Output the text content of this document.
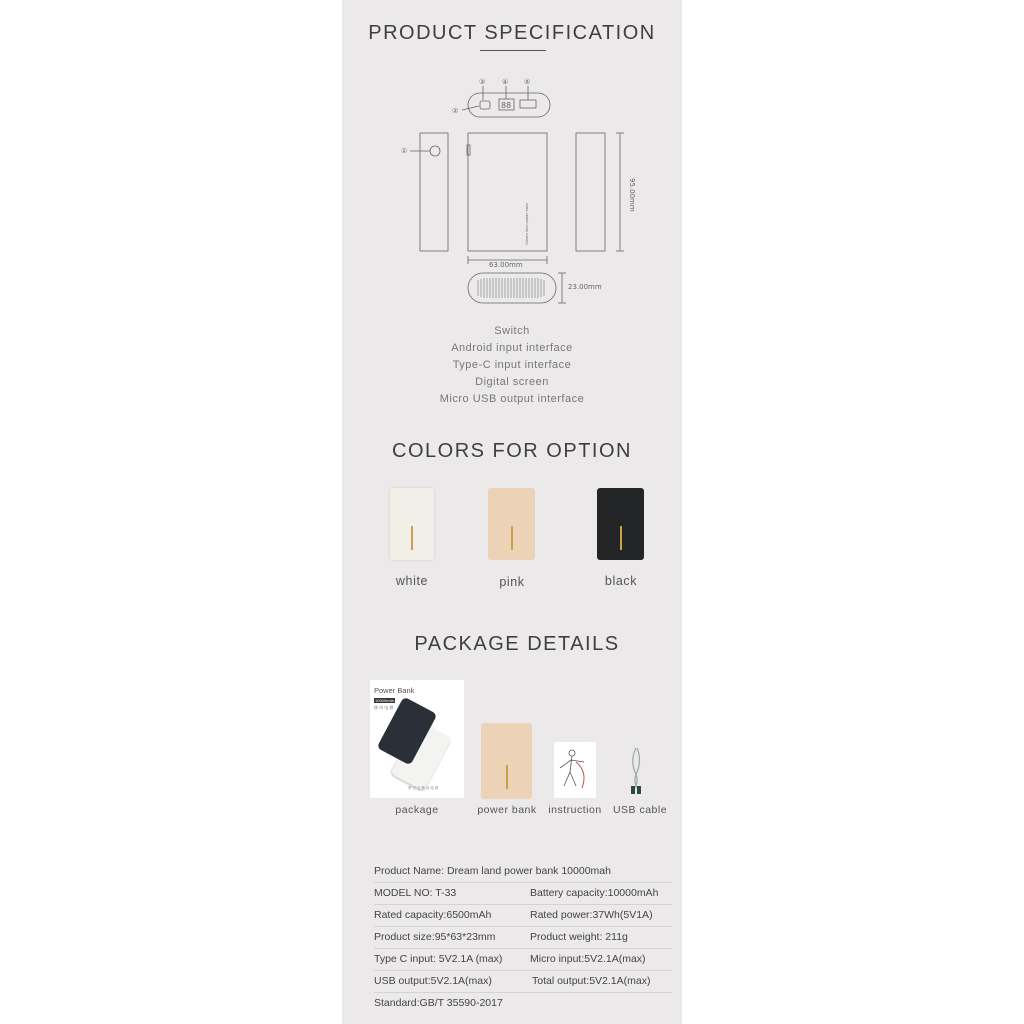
PRODUCT SPECIFICATION
③ ④ ⑤
②
①
88
Dream land power bank
63.00mm
95.00mm
23.00mm
Switch
Android input interface
Type-C input interface
Digital screen
Micro USB output interface
COLORS FOR OPTION
white	pink	black
PACKAGE DETAILS
Power Bank
10000mAh
移 动 电 源
梦 幻 岛 移 动 电 源
package	power bank	instruction	USB cable
Product Name: Dream land power bank 10000mah
MODEL NO: T-33	Battery capacity:10000mAh
Rated capacity:6500mAh	Rated power:37Wh(5V1A)
Product size:95*63*23mm	Product weight: 211g
Type C input: 5V2.1A (max)	Micro input:5V2.1A(max)
USB output:5V2.1A(max)	Total output:5V2.1A(max)
Standard:GB/T 35590-2017
